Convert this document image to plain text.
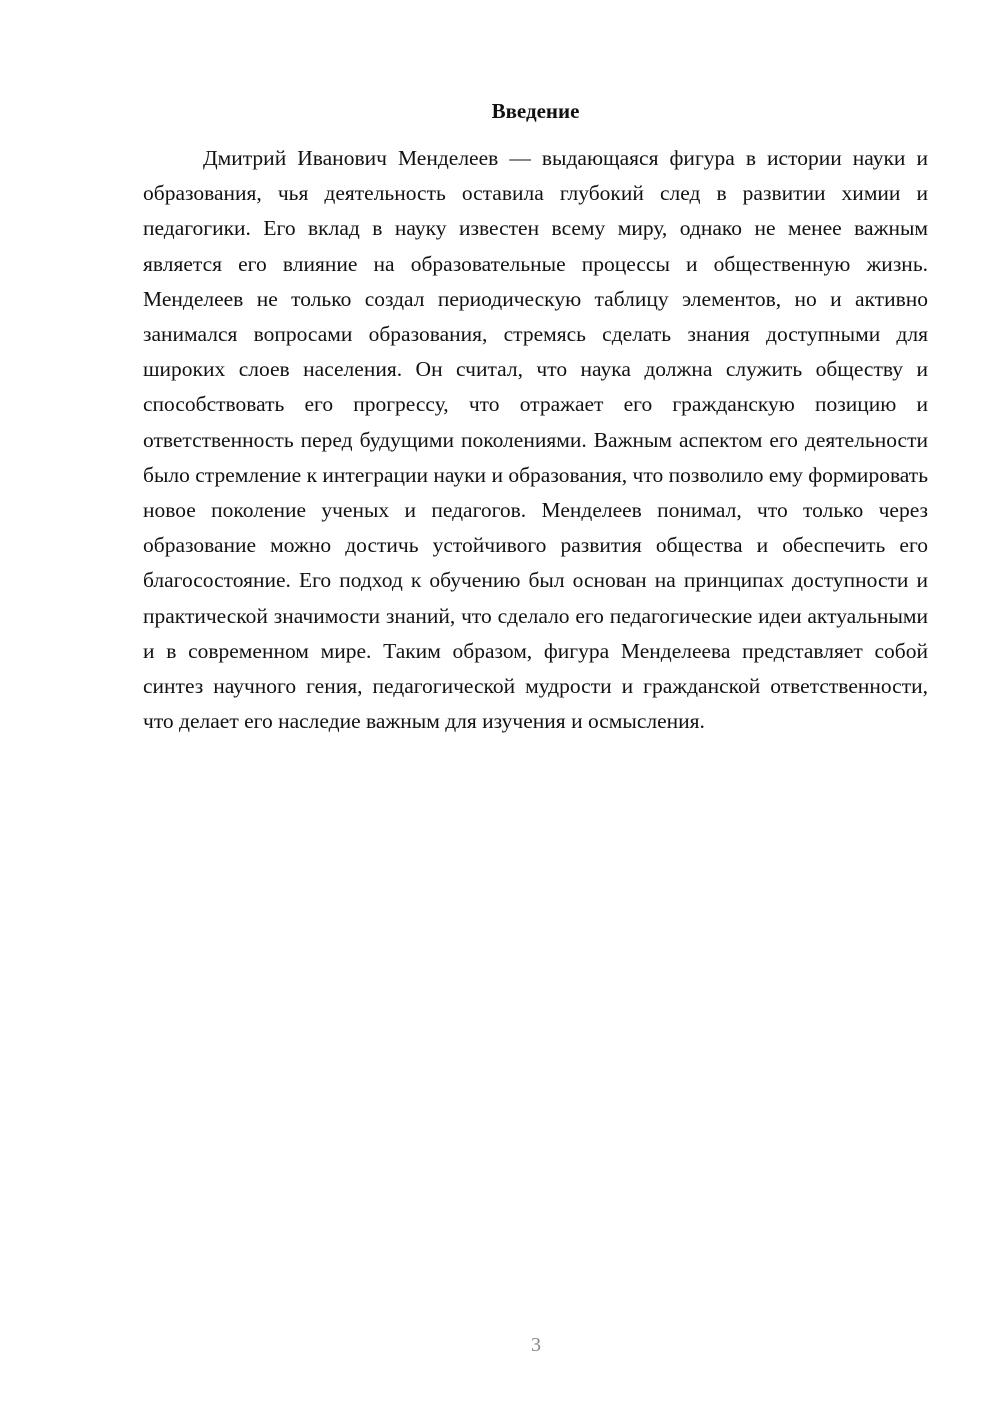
Введение

Дмитрий Иванович Менделеев — выдающаяся фигура в истории науки и образования, чья деятельность оставила глубокий след в развитии химии и педагогики. Его вклад в науку известен всему миру, однако не менее важным является его влияние на образовательные процессы и общественную жизнь. Менделеев не только создал периодическую таблицу элементов, но и активно занимался вопросами образования, стремясь сделать знания доступными для широких слоев населения. Он считал, что наука должна служить обществу и способствовать его прогрессу, что отражает его гражданскую позицию и ответственность перед будущими поколениями. Важным аспектом его деятельности было стремление к интеграции науки и образования, что позволило ему формировать новое поколение ученых и педагогов. Менделеев понимал, что только через образование можно достичь устойчивого развития общества и обеспечить его благосостояние. Его подход к обучению был основан на принципах доступности и практической значимости знаний, что сделало его педагогические идеи актуальными и в современном мире. Таким образом, фигура Менделеева представляет собой синтез научного гения, педагогической мудрости и гражданской ответственности, что делает его наследие важным для изучения и осмысления.

3
